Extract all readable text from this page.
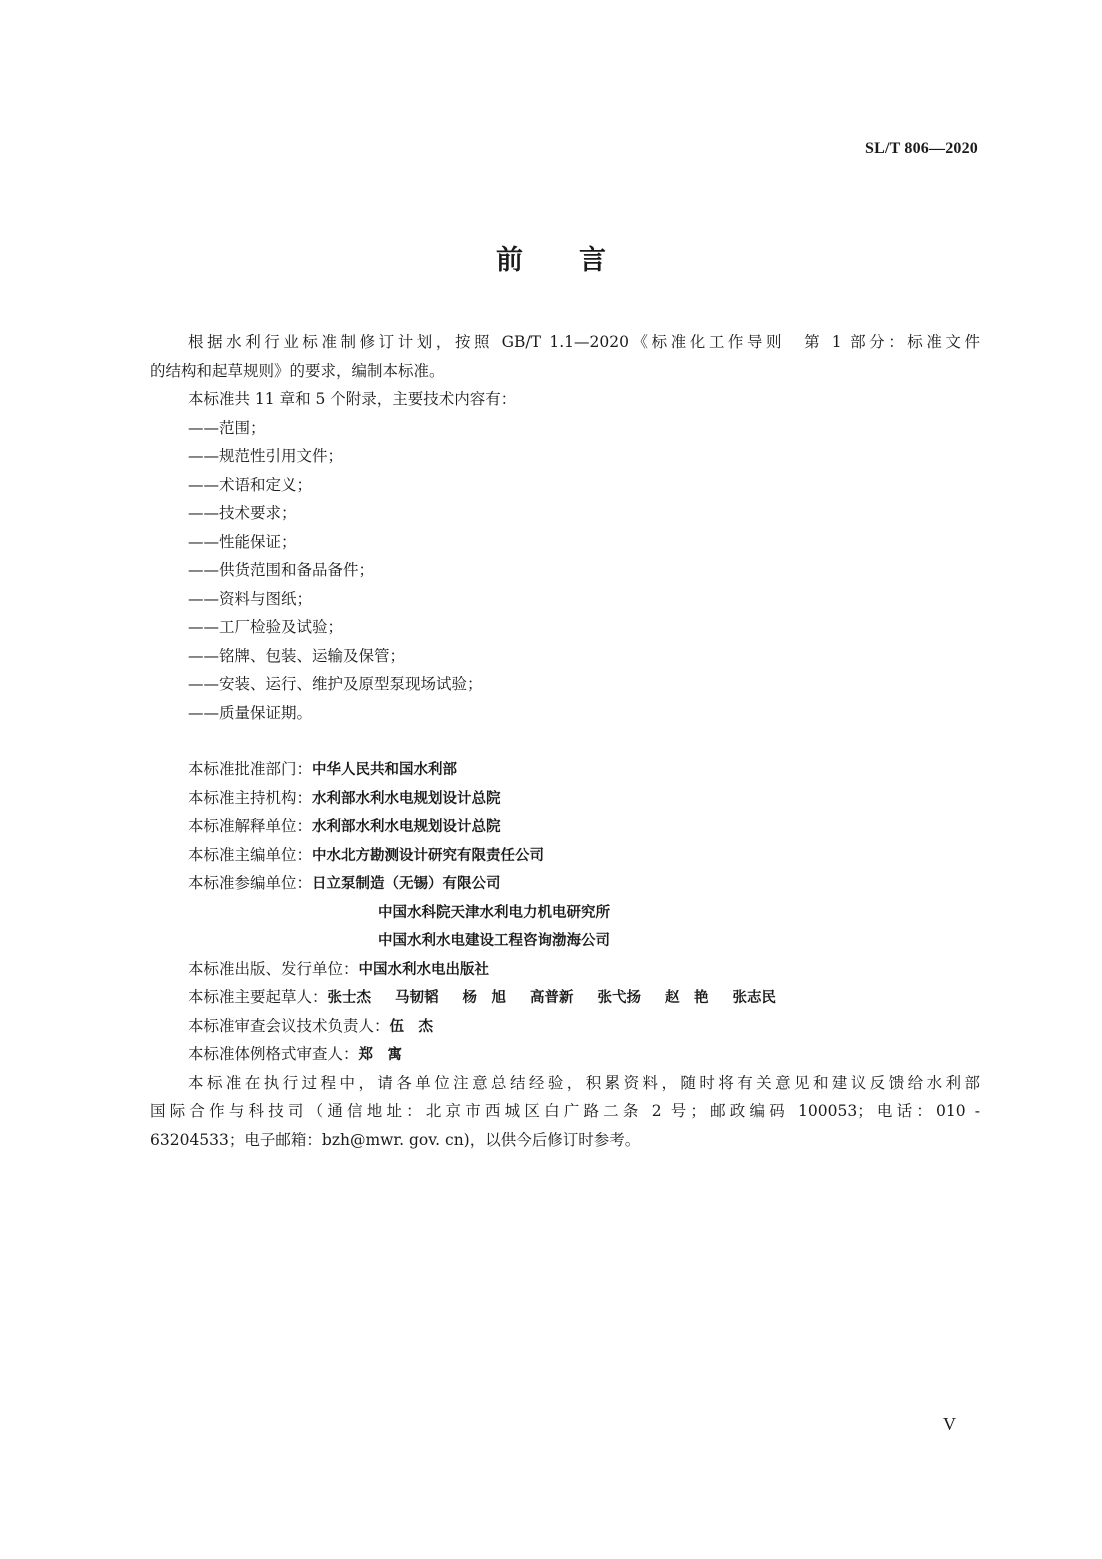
SL/T 806—2020
前 言
根据水利行业标准制修订计划，按照 GB/T 1.1—2020《标准化工作导则　第 1 部分：标准文件
的结构和起草规则》的要求，编制本标准。
本标准共 11 章和 5 个附录，主要技术内容有：
——范围；
——规范性引用文件；
——术语和定义；
——技术要求；
——性能保证；
——供货范围和备品备件；
——资料与图纸；
——工厂检验及试验；
——铭牌、包装、运输及保管；
——安装、运行、维护及原型泵现场试验；
——质量保证期。
本标准批准部门：中华人民共和国水利部
本标准主持机构：水利部水利水电规划设计总院
本标准解释单位：水利部水利水电规划设计总院
本标准主编单位：中水北方勘测设计研究有限责任公司
本标准参编单位：日立泵制造（无锡）有限公司
中国水科院天津水利电力机电研究所
中国水利水电建设工程咨询渤海公司
本标准出版、发行单位：中国水利水电出版社
本标准主要起草人：张士杰 马韧韬 杨　旭 高普新 张弋扬 赵　艳 张志民
本标准审查会议技术负责人：伍　杰
本标准体例格式审查人：郑　寓
本标准在执行过程中，请各单位注意总结经验，积累资料，随时将有关意见和建议反馈给水利部
国际合作与科技司（通信地址：北京市西城区白广路二条 2 号；邮政编码 100053；电话：010 -
63204533；电子邮箱：bzh@mwr. gov. cn)，以供今后修订时参考。
V
